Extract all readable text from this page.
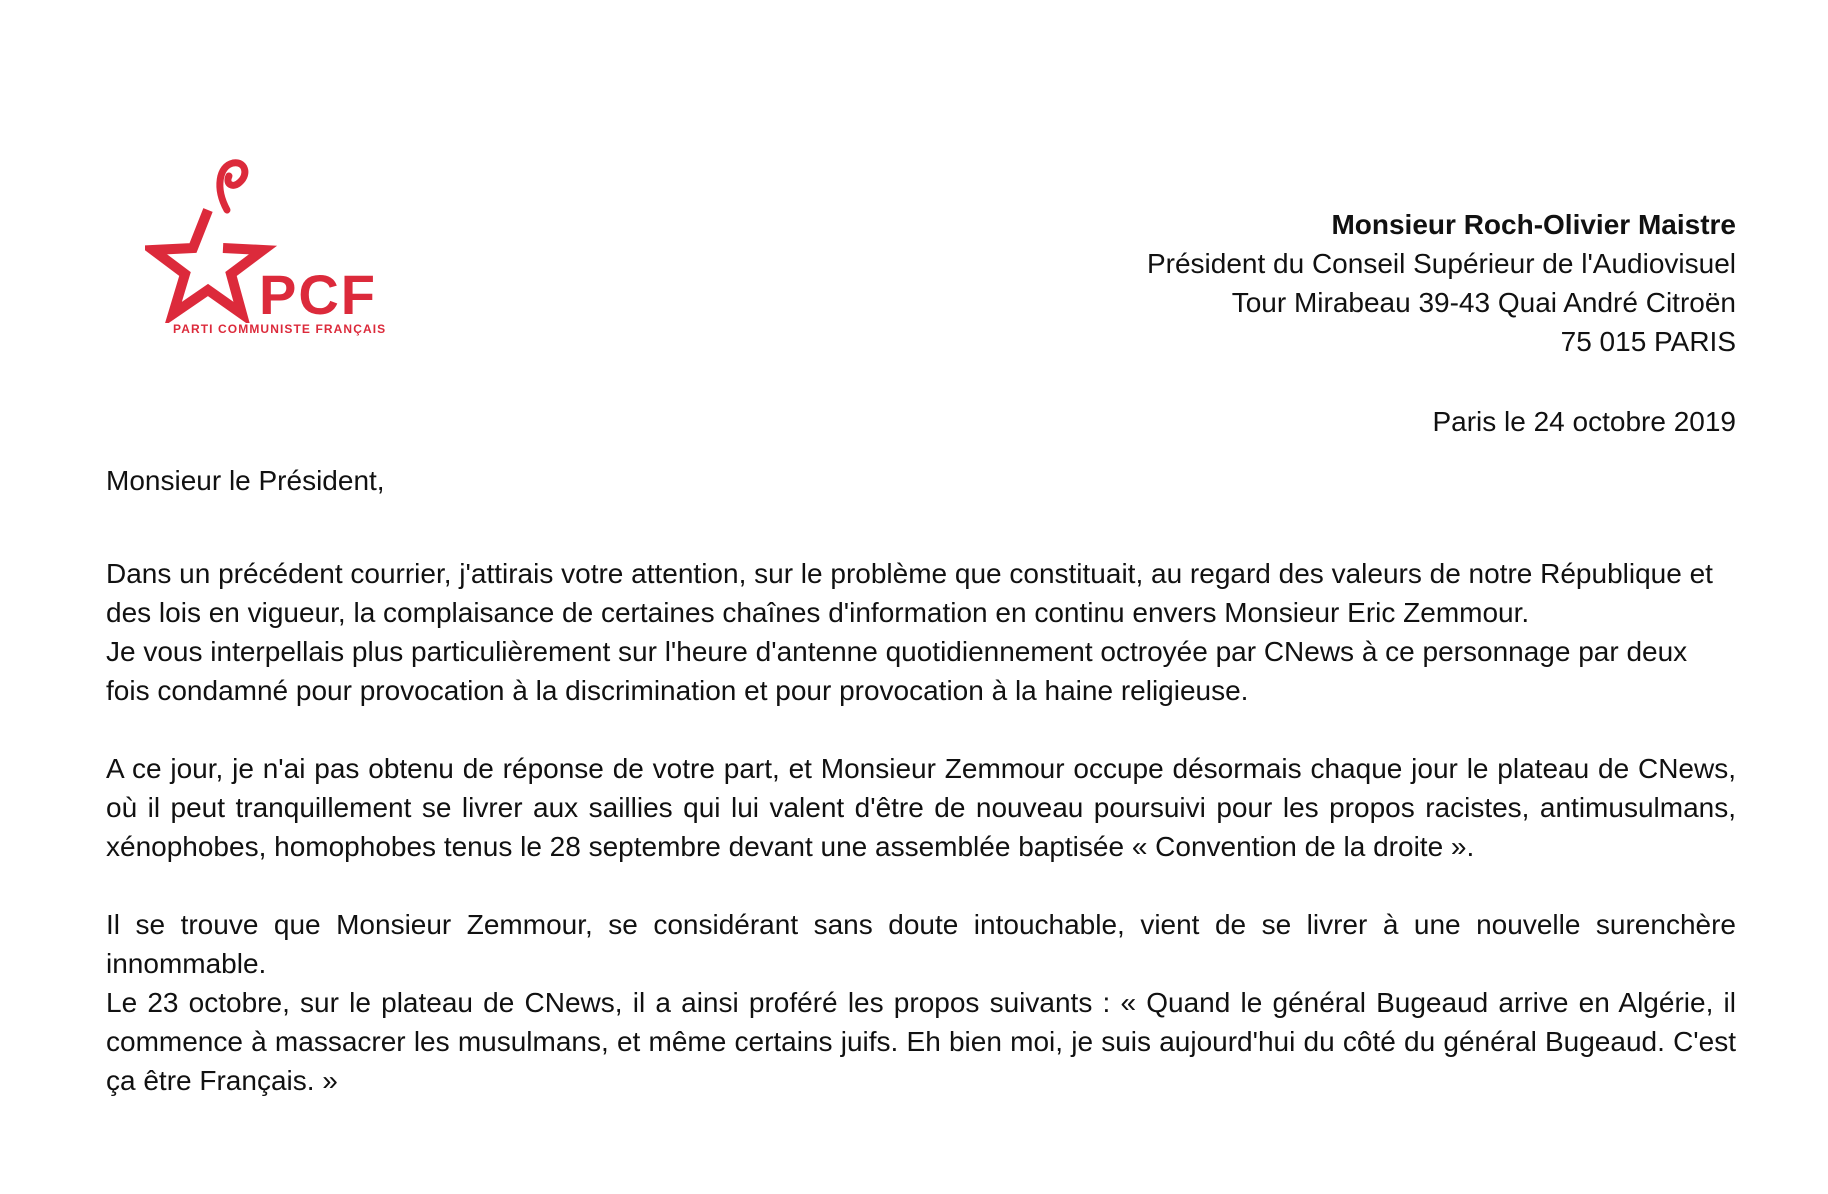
PCF
PARTI COMMUNISTE FRANÇAIS
Monsieur Roch-Olivier Maistre
Président du Conseil Supérieur de l'Audiovisuel
Tour Mirabeau 39-43 Quai André Citroën
75 015 PARIS
Paris le 24 octobre 2019

Monsieur le Président,

Dans un précédent courrier, j'attirais votre attention, sur le problème que constituait, au regard des valeurs de notre République et des lois en vigueur, la complaisance de certaines chaînes d'information en continu envers Monsieur Eric Zemmour.

Je vous interpellais plus particulièrement sur l'heure d'antenne quotidiennement octroyée par CNews à ce personnage par deux fois condamné pour provocation à la discrimination et pour provocation à la haine religieuse.

A ce jour, je n'ai pas obtenu de réponse de votre part, et Monsieur Zemmour occupe désormais chaque jour le plateau de CNews, où il peut tranquillement se livrer aux saillies qui lui valent d'être de nouveau poursuivi pour les propos racistes, antimusulmans, xénophobes, homophobes tenus le 28 septembre devant une assemblée baptisée « Convention de la droite ».

Il se trouve que Monsieur Zemmour, se considérant sans doute intouchable, vient de se livrer à une nouvelle surenchère innommable.

Le 23 octobre, sur le plateau de CNews, il a ainsi proféré les propos suivants : « Quand le général Bugeaud arrive en Algérie, il commence à massacrer les musulmans, et même certains juifs. Eh bien moi, je suis aujourd'hui du côté du général Bugeaud. C'est ça être Français. »
